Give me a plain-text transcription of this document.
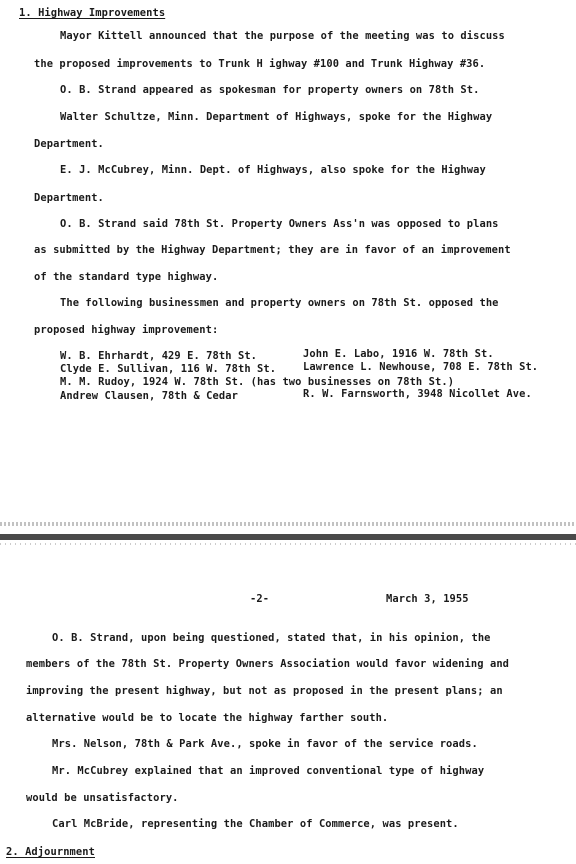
1. Highway Improvements
Mayor Kittell announced that the purpose of the meeting was to discuss
the proposed improvements to Trunk H ighway #100 and Trunk Highway #36.
O. B. Strand appeared as spokesman for property owners on 78th St.
Walter Schultze, Minn. Department of Highways, spoke for the Highway
Department.
E. J. McCubrey, Minn. Dept. of Highways, also spoke for the Highway
Department.
O. B. Strand said 78th St. Property Owners Ass'n was opposed to plans
as submitted by the Highway Department; they are in favor of an improvement
of the standard type highway.
The following businessmen and property owners on 78th St. opposed the
proposed highway improvement:
W. B. Ehrhardt, 429 E. 78th St.	John E. Labo, 1916 W. 78th St.
Clyde E. Sullivan, 116 W. 78th St.	Lawrence L. Newhouse, 708 E. 78th St.
M. M. Rudoy, 1924 W. 78th St. (has two businesses on 78th St.)
Andrew Clausen, 78th & Cedar	R. W. Farnsworth, 3948 Nicollet Ave.
-2-	March 3, 1955
O. B. Strand, upon being questioned, stated that, in his opinion, the
members of the 78th St. Property Owners Association would favor widening and
improving the present highway, but not as proposed in the present plans; an
alternative would be to locate the highway farther south.
Mrs. Nelson, 78th & Park Ave., spoke in favor of the service roads.
Mr. McCubrey explained that an improved conventional type of highway
would be unsatisfactory.
Carl McBride, representing the Chamber of Commerce, was present.
2. Adjournment
